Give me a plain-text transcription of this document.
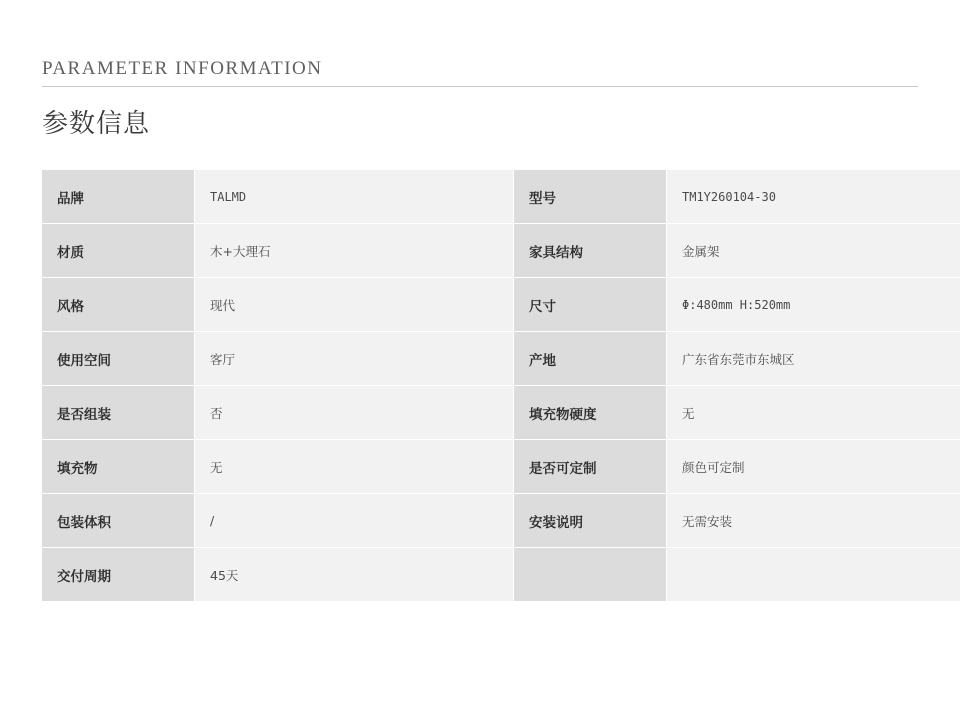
PARAMETER INFORMATION
参数信息
品牌	TALMD	型号	TM1Y260104-30
材质	木+大理石	家具结构	金属架
风格	现代	尺寸	Φ:480mm H:520mm
使用空间	客厅	产地	广东省东莞市东城区
是否组装	否	填充物硬度	无
填充物	无	是否可定制	颜色可定制
包装体积	/	安装说明	无需安装
交付周期	45天		
